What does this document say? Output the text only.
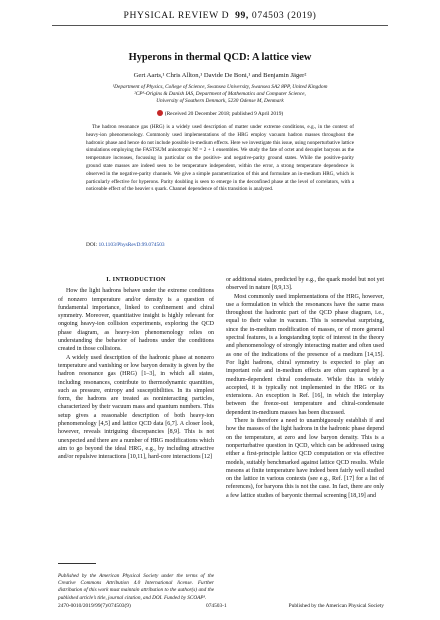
PHYSICAL REVIEW D 99, 074503 (2019)
Hyperons in thermal QCD: A lattice view
Gert Aarts,¹ Chris Allton,¹ Davide De Boni,¹ and Benjamin Jäger²
¹Department of Physics, College of Science, Swansea University, Swansea SA2 8PP, United Kingdom
²CP³-Origins & Danish IAS, Department of Mathematics and Computer Science,
University of Southern Denmark, 5230 Odense M, Denmark
(Received 20 December 2018; published 9 April 2019)

The hadron resonance gas (HRG) is a widely used description of matter under extreme conditions, e.g., in the context of heavy-ion phenomenology. Commonly used implementations of the HRG employ vacuum hadron masses throughout the hadronic phase and hence do not include possible in-medium effects. Here we investigate this issue, using nonperturbative lattice simulations employing the FASTSUM anisotropic Nf = 2 + 1 ensembles. We study the fate of octet and decuplet baryons as the temperature increases, focussing in particular on the positive- and negative-parity ground states. While the positive-parity ground state masses are indeed seen to be temperature independent, within the error, a strong temperature dependence is observed in the negative-parity channels. We give a simple parametrization of this and formulate an in-medium HRG, which is particularly effective for hyperons. Parity doubling is seen to emerge in the deconfined phase at the level of correlators, with a noticeable effect of the heavier s quark. Channel dependence of this transition is analyzed.

DOI: 10.1103/PhysRevD.99.074503
I. INTRODUCTION

How the light hadrons behave under the extreme conditions of nonzero temperature and/or density is a question of fundamental importance, linked to confinement and chiral symmetry. Moreover, quantitative insight is highly relevant for ongoing heavy-ion collision experiments, exploring the QCD phase diagram, as heavy-ion phenomenology relies on understanding the behavior of hadrons under the conditions created in those collisions.

A widely used description of the hadronic phase at nonzero temperature and vanishing or low baryon density is given by the hadron resonance gas (HRG) [1–3], in which all states, including resonances, contribute to thermodynamic quantities, such as pressure, entropy and susceptibilities. In its simplest form, the hadrons are treated as noninteracting particles, characterized by their vacuum mass and quantum numbers. This setup gives a reasonable description of both heavy-ion phenomenology [4,5] and lattice QCD data [6,7]. A closer look, however, reveals intriguing discrepancies [8,9]. This is not unexpected and there are a number of HRG modifications which aim to go beyond the ideal HRG, e.g., by including attractive and/or repulsive interactions [10,11], hard-core interactions [12]

or additional states, predicted by e.g., the quark model but not yet observed in nature [8,9,13].

Most commonly used implementations of the HRG, however, use a formulation in which the resonances have the same mass throughout the hadronic part of the QCD phase diagram, i.e., equal to their value in vacuum. This is somewhat surprising, since the in-medium modification of masses, or of more general spectral features, is a longstanding topic of interest in the theory and phenomenology of strongly interacting matter and often used as one of the indications of the presence of a medium [14,15]. For light hadrons, chiral symmetry is expected to play an important role and in-medium effects are often captured by a medium-dependent chiral condensate. While this is widely accepted, it is typically not implemented in the HRG or its extensions. An exception is Ref. [16], in which the interplay between the freeze-out temperature and chiral-condensate dependent in-medium masses has been discussed.

There is therefore a need to unambiguously establish if and how the masses of the light hadrons in the hadronic phase depend on the temperature, at zero and low baryon density. This is a nonperturbative question in QCD, which can be addressed using either a first-principle lattice QCD computation or via effective models, suitably benchmarked against lattice QCD results. While mesons at finite temperature have indeed been fairly well studied on the lattice in various contexts (see e.g., Ref. [17] for a list of references), for baryons this is not the case. In fact, there are only a few lattice studies of baryonic thermal screening [18,19] and

Published by the American Physical Society under the terms of the Creative Commons Attribution 4.0 International license. Further distribution of this work must maintain attribution to the author(s) and the published article’s title, journal citation, and DOI. Funded by SCOAP³.
2470-0010/2019/99(7)/074503(9)	074503-1	Published by the American Physical Society
